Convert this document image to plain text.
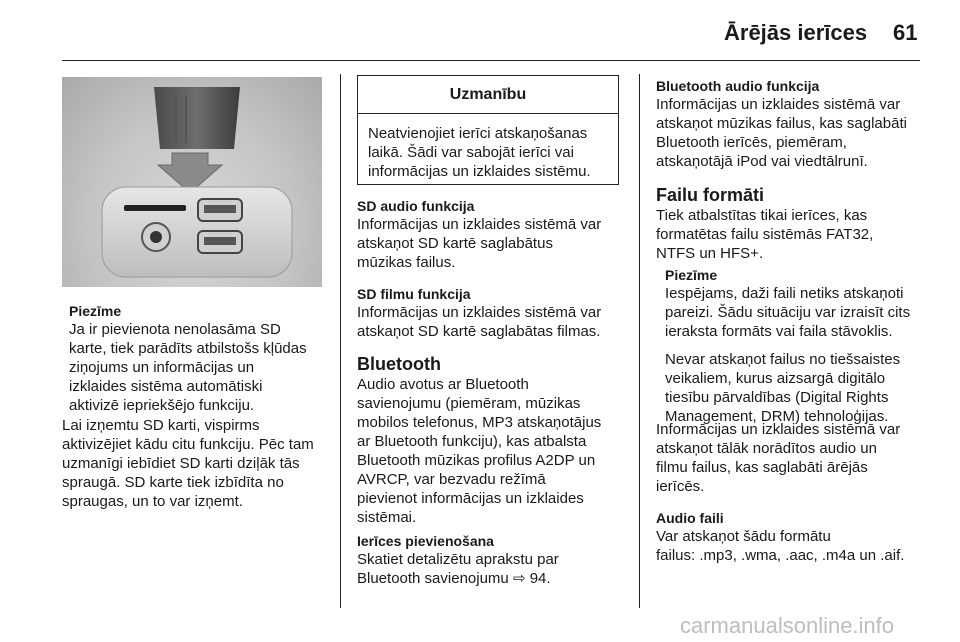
Ārējās ierīces 61

Piezīme

Ja ir pievienota nenolasāma SD

karte, tiek parādīts atbilstošs kļūdas

ziņojums un informācijas un

izklaides sistēma automātiski

aktivizē iepriekšējo funkciju.

Lai izņemtu SD karti, vispirms

aktivizējiet kādu citu funkciju. Pēc tam

uzmanīgi iebīdiet SD karti dziļāk tās

spraugā. SD karte tiek izbīdīta no

spraugas, un to var izņemt.

Uzmanību

Neatvienojiet ierīci atskaņošanas

laikā. Šādi var sabojāt ierīci vai

informācijas un izklaides sistēmu.

SD audio funkcija

Informācijas un izklaides sistēmā var

atskaņot SD kartē saglabātus

mūzikas failus.

SD filmu funkcija

Informācijas un izklaides sistēmā var

atskaņot SD kartē saglabātas filmas.

Bluetooth

Audio avotus ar Bluetooth

savienojumu (piemēram, mūzikas

mobilos telefonus, MP3 atskaņotājus

ar Bluetooth funkciju), kas atbalsta

Bluetooth mūzikas profilus A2DP un

AVRCP, var bezvadu režīmā

pievienot informācijas un izklaides

sistēmai.

Ierīces pievienošana

Skatiet detalizētu aprakstu par

Bluetooth savienojumu ⇨ 94.

Bluetooth audio funkcija

Informācijas un izklaides sistēmā var

atskaņot mūzikas failus, kas saglabāti

Bluetooth ierīcēs, piemēram,

atskaņotājā iPod vai viedtālrunī.

Failu formāti

Tiek atbalstītas tikai ierīces, kas

formatētas failu sistēmās FAT32,

NTFS un HFS+.

Piezīme

Iespējams, daži faili netiks atskaņoti

pareizi. Šādu situāciju var izraisīt cits

ieraksta formāts vai faila stāvoklis.

Nevar atskaņot failus no tiešsaistes

veikaliem, kurus aizsargā digitālo

tiesību pārvaldības (Digital Rights

Management, DRM) tehnoloģijas.

Informācijas un izklaides sistēmā var

atskaņot tālāk norādītos audio un

filmu failus, kas saglabāti ārējās

ierīcēs.

Audio faili

Var atskaņot šādu formātu

failus: .mp3, .wma, .aac, .m4a un .aif.

carmanualsonline.info
